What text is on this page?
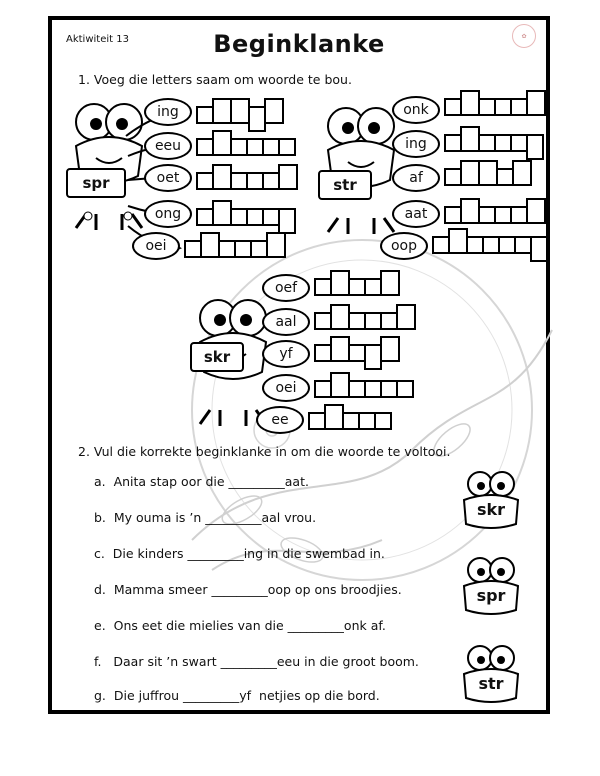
Aktiwiteit 13	Beginklanke	✿
1. Voeg die letters saam om woorde te bou.
spr
ing
eeu
oet
ong
oei
str
onk
ing
af
aat
oop
skr
oef
aal
yf
oei
ee
2. Vul die korrekte beginklanke in om die woorde te voltooi.
a.  Anita stap oor die _________aat.
b.  My ouma is ’n _________aal vrou.
c.  Die kinders _________ing in die swembad in.
d.  Mamma smeer _________oop op ons broodjies.
e.  Ons eet die mielies van die _________onk af.
f.   Daar sit ’n swart _________eeu in die groot boom.
g.  Die juffrou _________yf  netjies op die bord.
skr
spr
str
